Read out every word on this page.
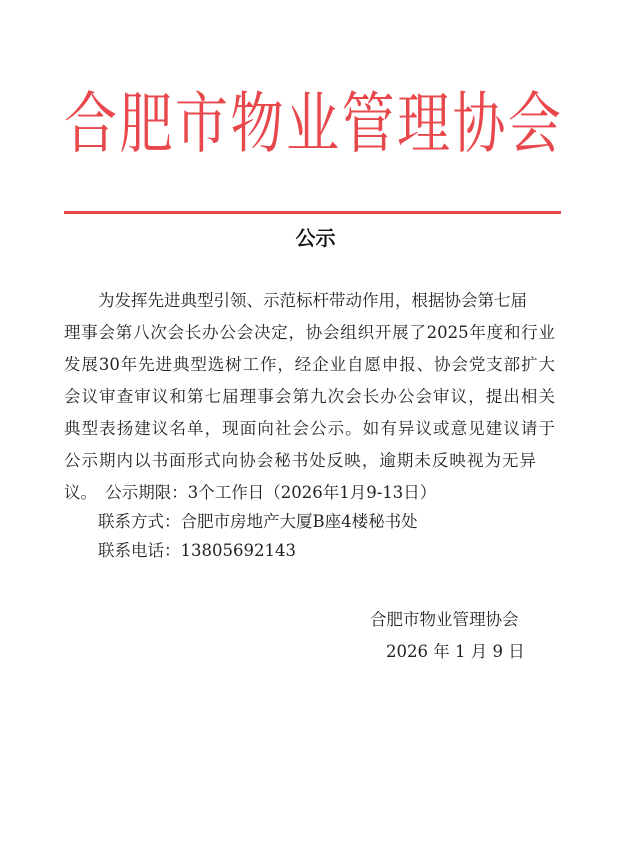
合肥市物业管理协会
公示
为发挥先进典型引领、示范标杆带动作用，根据协会第七届
理事会第八次会长办公会决定，协会组织开展了2025年度和行业
发展30年先进典型选树工作，经企业自愿申报、协会党支部扩大
会议审查审议和第七届理事会第九次会长办公会审议，提出相关
典型表扬建议名单，现面向社会公示。如有异议或意见建议请于
公示期内以书面形式向协会秘书处反映，逾期未反映视为无异
议。　公示期限：3个工作日（2026年1月9-13日）
联系方式：合肥市房地产大厦B座4楼秘书处
联系电话：13805692143
合肥市物业管理协会
2026 年 1 月 9 日
